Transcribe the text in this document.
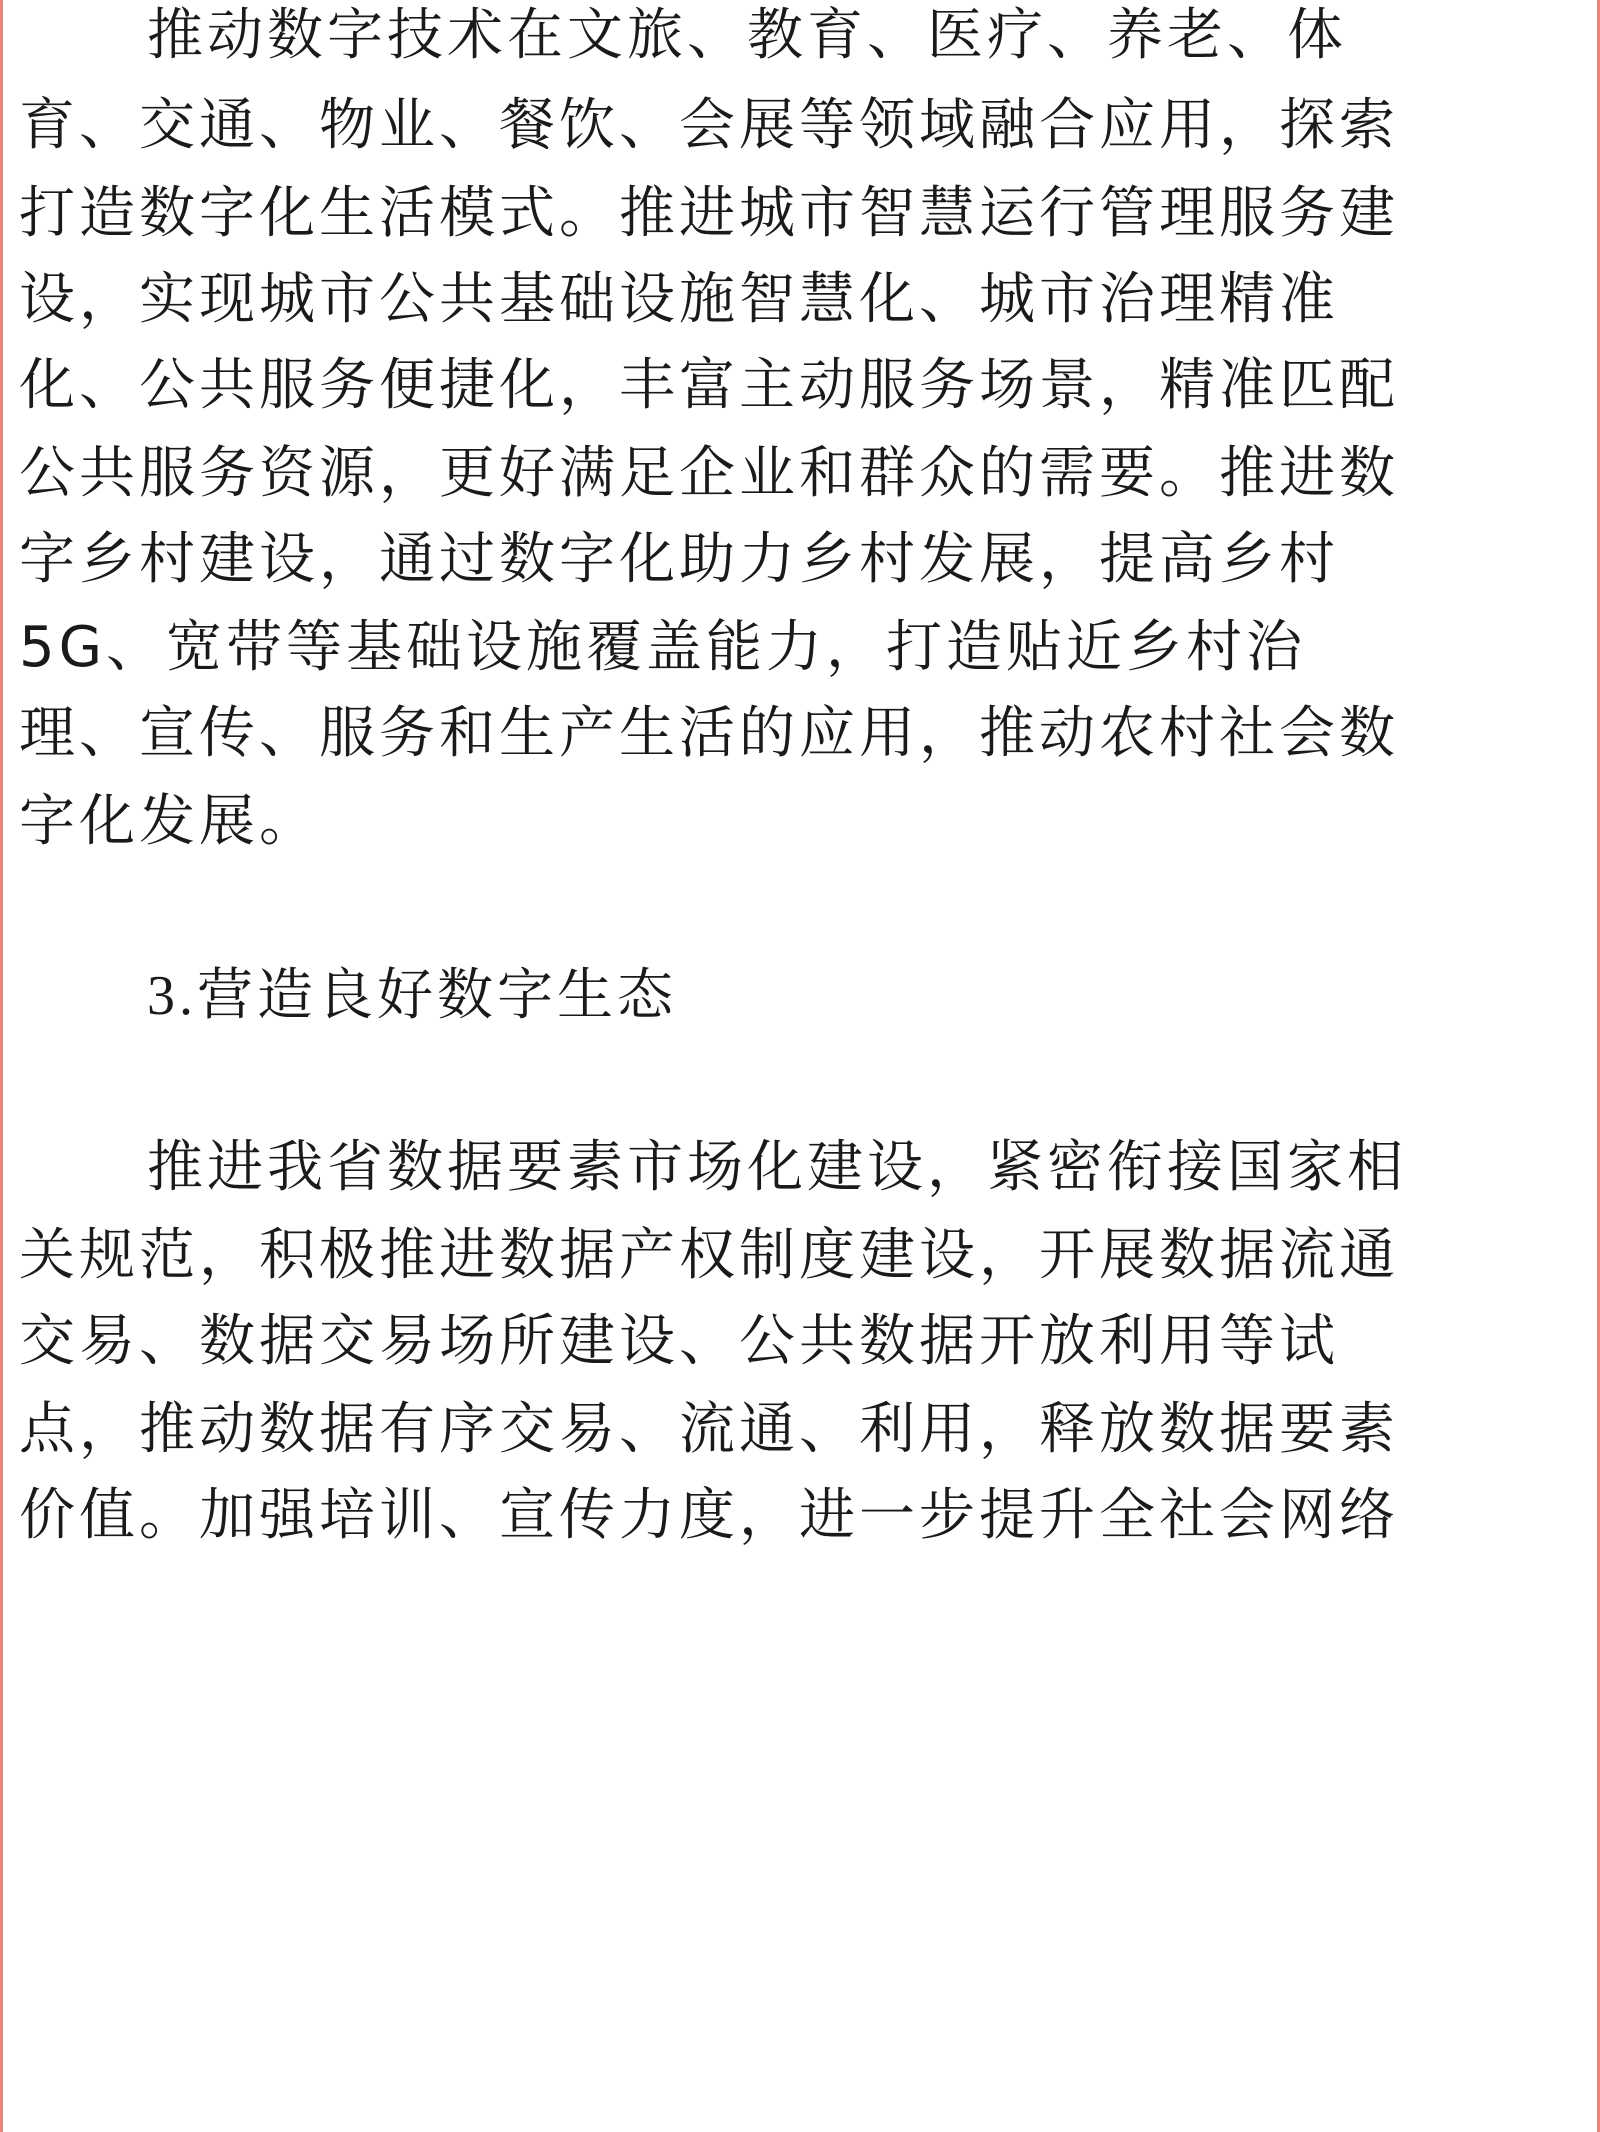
推动数字技术在文旅、教育、医疗、养老、体
育、交通、物业、餐饮、会展等领域融合应用，探索
打造数字化生活模式。推进城市智慧运行管理服务建
设，实现城市公共基础设施智慧化、城市治理精准
化、公共服务便捷化，丰富主动服务场景，精准匹配
公共服务资源，更好满足企业和群众的需要。推进数
字乡村建设，通过数字化助力乡村发展，提高乡村
5G、宽带等基础设施覆盖能力，打造贴近乡村治
理、宣传、服务和生产生活的应用，推动农村社会数
字化发展。
3.营造良好数字生态
推进我省数据要素市场化建设，紧密衔接国家相
关规范，积极推进数据产权制度建设，开展数据流通
交易、数据交易场所建设、公共数据开放利用等试
点，推动数据有序交易、流通、利用，释放数据要素
价值。加强培训、宣传力度，进一步提升全社会网络
